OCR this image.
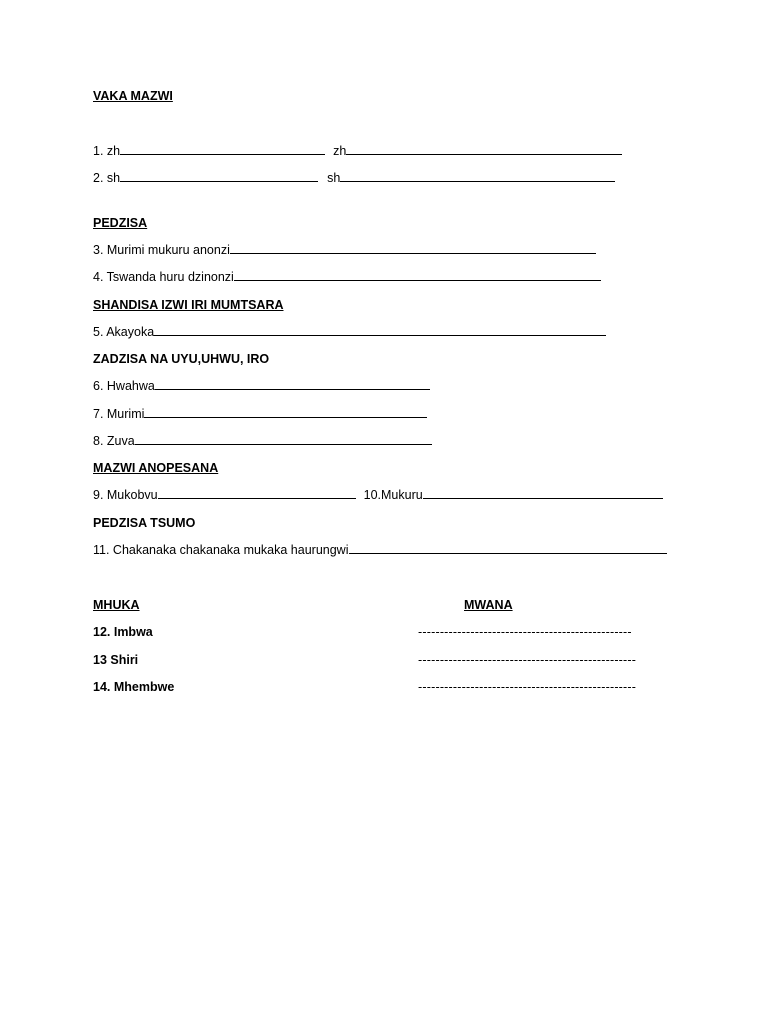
VAKA MAZWI
1. zh	zh
2. sh	sh
PEDZISA
3. Murimi mukuru anonzi
4. Tswanda huru dzinonzi
SHANDISA IZWI IRI MUMTSARA
5. Akayoka
ZADZISA NA UYU,UHWU, IRO
6. Hwahwa
7. Murimi
8. Zuva
MAZWI ANOPESANA
9. Mukobvu	10.Mukuru
PEDZISA TSUMO
11. Chakanaka chakanaka mukaka haurungwi
MHUKA	MWANA
12. Imbwa	-------------------------------------------------
13 Shiri	--------------------------------------------------
14. Mhembwe	--------------------------------------------------
